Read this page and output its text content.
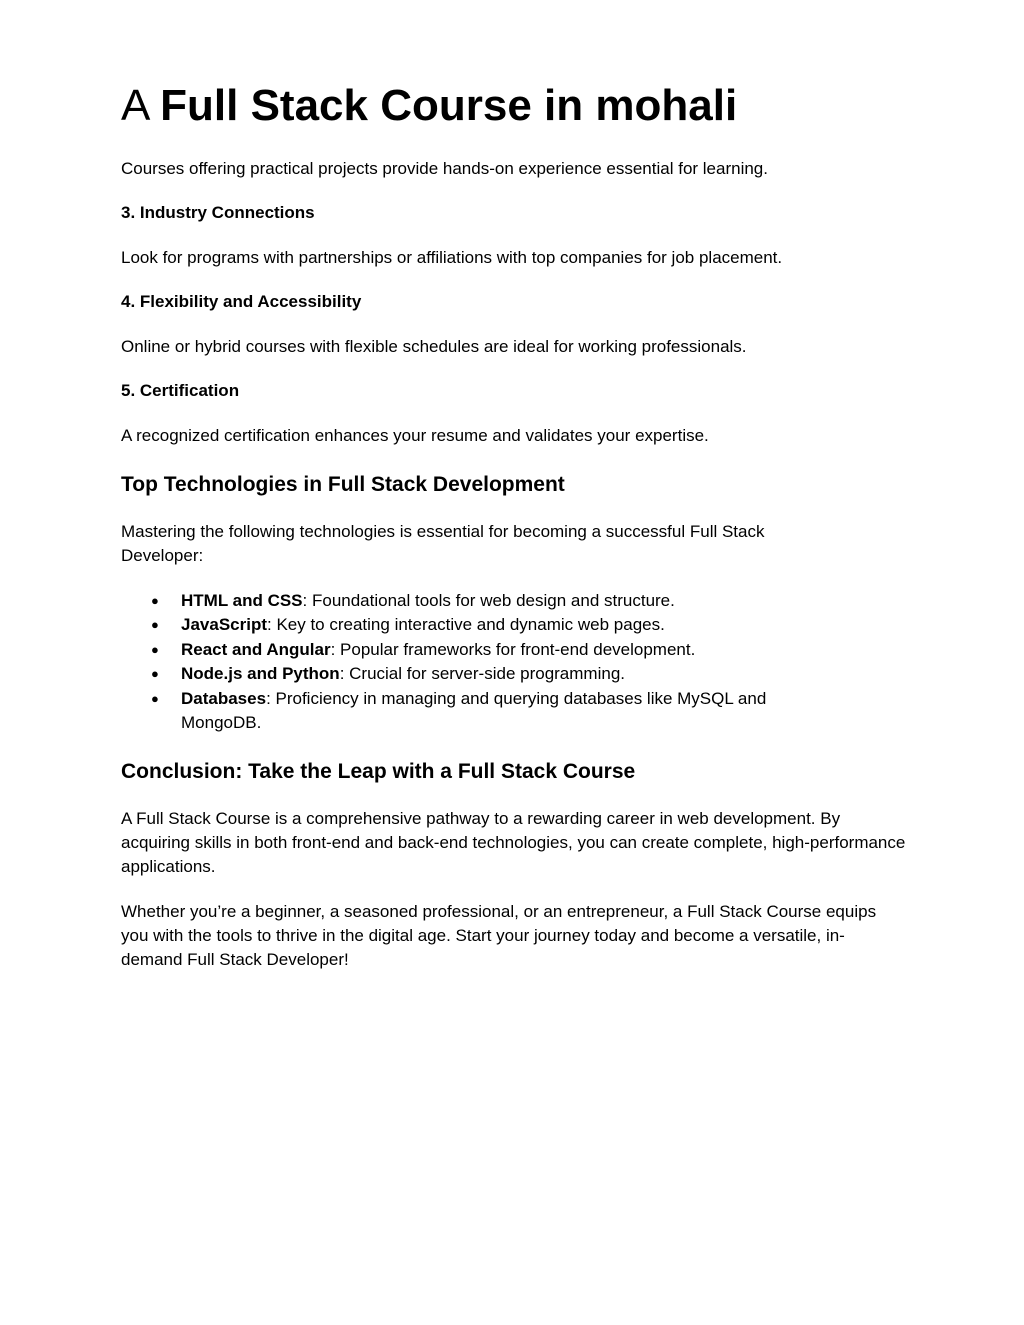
A Full Stack Course in mohali

Courses offering practical projects provide hands-on experience essential for learning.

3. Industry Connections

Look for programs with partnerships or affiliations with top companies for job placement.

4. Flexibility and Accessibility

Online or hybrid courses with flexible schedules are ideal for working professionals.

5. Certification

A recognized certification enhances your resume and validates your expertise.

Top Technologies in Full Stack Development

Mastering the following technologies is essential for becoming a successful Full Stack Developer:

● HTML and CSS: Foundational tools for web design and structure.
● JavaScript: Key to creating interactive and dynamic web pages.
● React and Angular: Popular frameworks for front-end development.
● Node.js and Python: Crucial for server-side programming.
● Databases: Proficiency in managing and querying databases like MySQL and MongoDB.
Conclusion: Take the Leap with a Full Stack Course

A Full Stack Course is a comprehensive pathway to a rewarding career in web development. By acquiring skills in both front-end and back-end technologies, you can create complete, high-performance applications.

Whether you’re a beginner, a seasoned professional, or an entrepreneur, a Full Stack Course equips you with the tools to thrive in the digital age. Start your journey today and become a versatile, in-demand Full Stack Developer!
